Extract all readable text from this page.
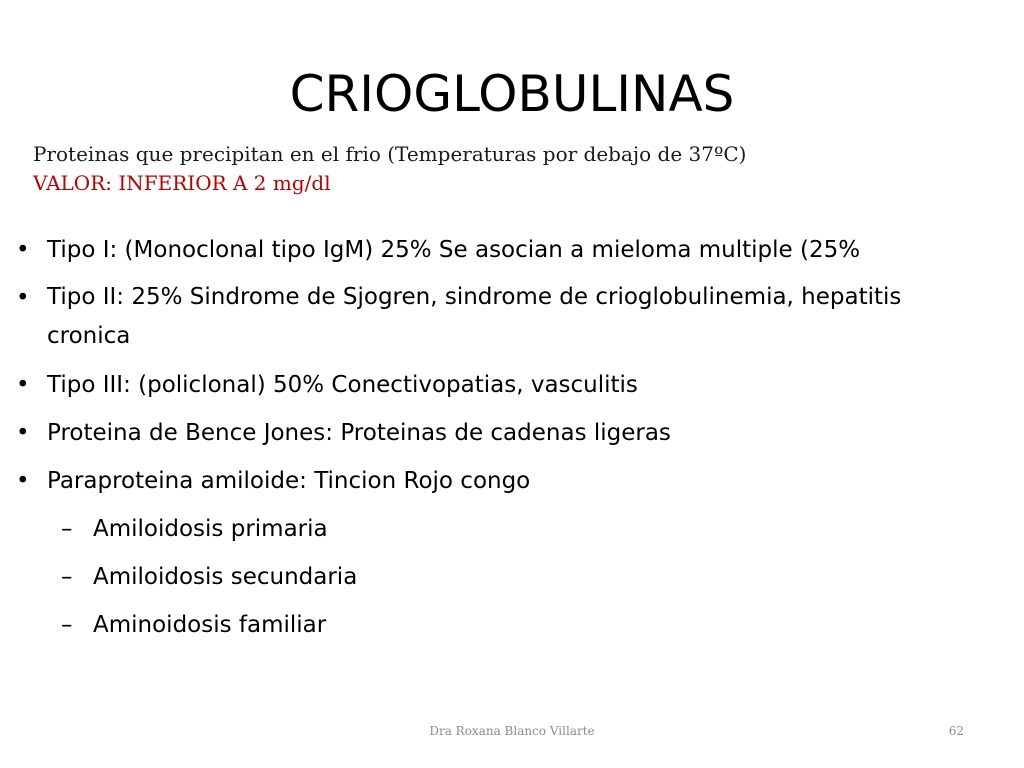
CRIOGLOBULINAS
Proteinas que precipitan en el frio (Temperaturas por debajo de 37ºC)
VALOR: INFERIOR A 2 mg/dl
• Tipo I: (Monoclonal tipo IgM) 25% Se asocian a mieloma multiple (25%
• Tipo II: 25% Sindrome de Sjogren, sindrome de crioglobulinemia, hepatitis cronica
• Tipo III: (policlonal) 50% Conectivopatias, vasculitis
• Proteina de Bence Jones: Proteinas de cadenas ligeras
• Paraproteina amiloide: Tincion Rojo congo
– Amiloidosis primaria
– Amiloidosis secundaria
– Aminoidosis familiar
Dra Roxana Blanco Villarte	62
